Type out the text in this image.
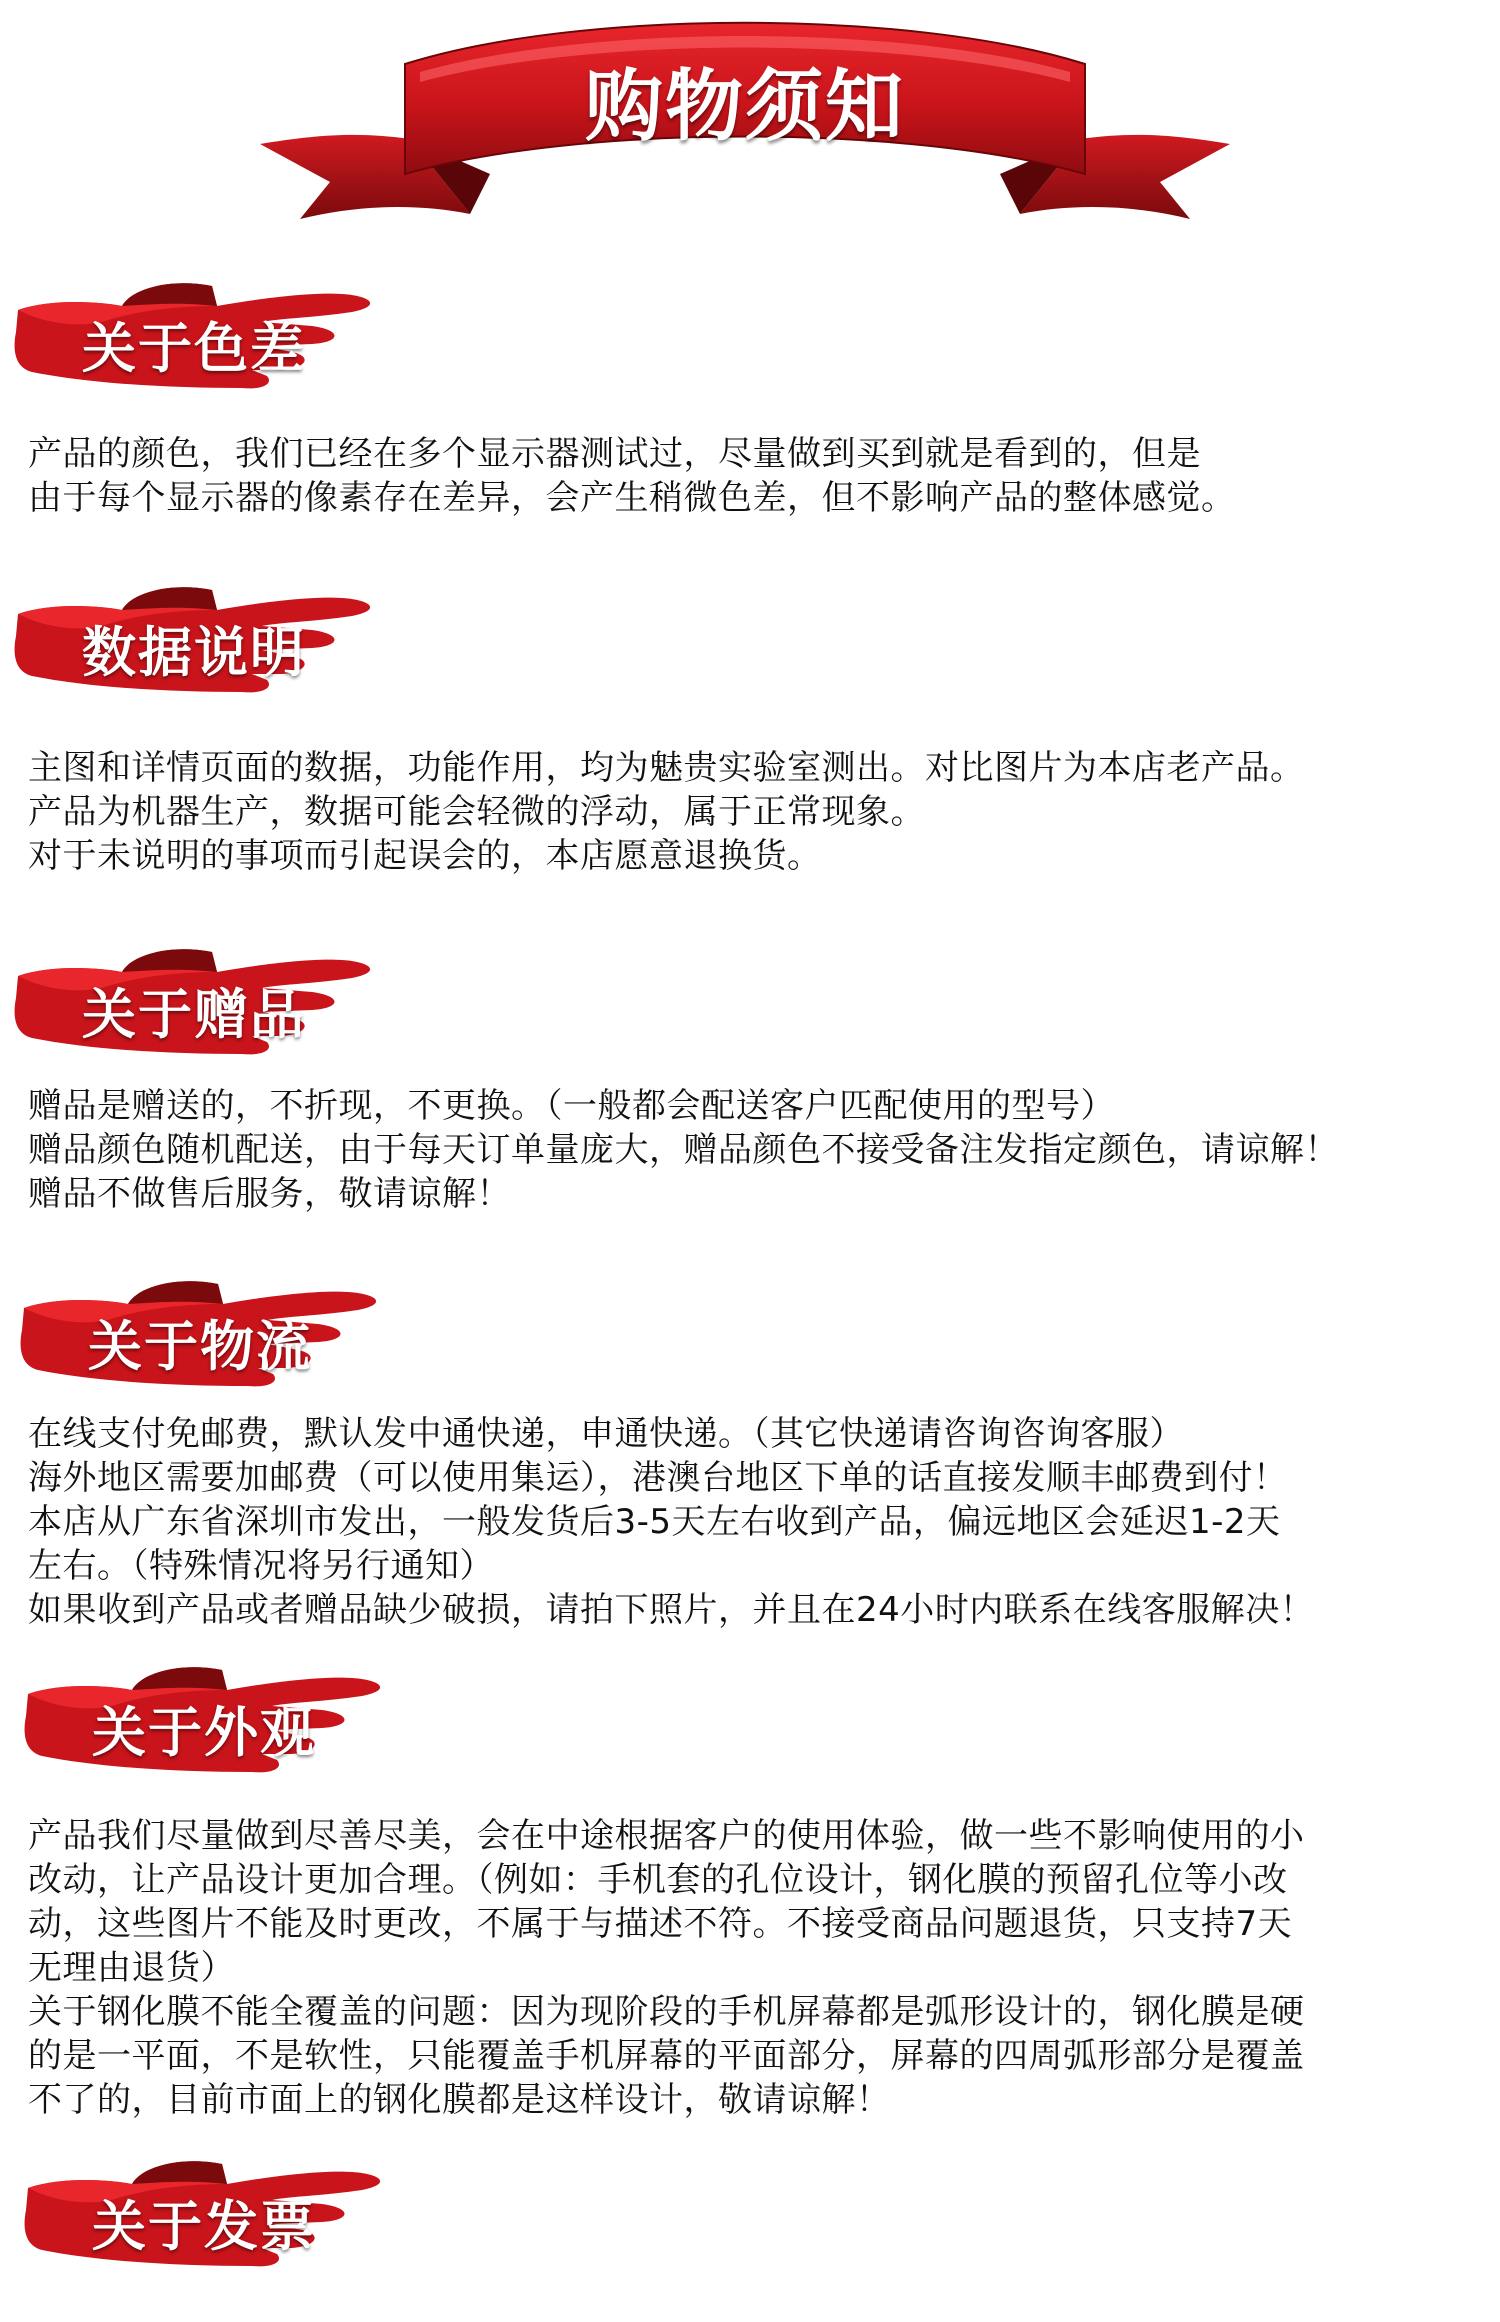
购物须知
关于色差
产品的颜色，我们已经在多个显示器测试过，尽量做到买到就是看到的，但是
由于每个显示器的像素存在差异，会产生稍微色差，但不影响产品的整体感觉。
数据说明
主图和详情页面的数据，功能作用，均为魅贵实验室测出。对比图片为本店老产品。
产品为机器生产，数据可能会轻微的浮动，属于正常现象。
对于未说明的事项而引起误会的，本店愿意退换货。
关于赠品
赠品是赠送的，不折现，不更换。（一般都会配送客户匹配使用的型号）
赠品颜色随机配送，由于每天订单量庞大，赠品颜色不接受备注发指定颜色，请谅解！
赠品不做售后服务，敬请谅解！
关于物流
在线支付免邮费，默认发中通快递，申通快递。（其它快递请咨询咨询客服）
海外地区需要加邮费（可以使用集运），港澳台地区下单的话直接发顺丰邮费到付！
本店从广东省深圳市发出，一般发货后3-5天左右收到产品，偏远地区会延迟1-2天
左右。（特殊情况将另行通知）
如果收到产品或者赠品缺少破损，请拍下照片，并且在24小时内联系在线客服解决！
关于外观
产品我们尽量做到尽善尽美，会在中途根据客户的使用体验，做一些不影响使用的小
改动，让产品设计更加合理。（例如：手机套的孔位设计，钢化膜的预留孔位等小改
动，这些图片不能及时更改，不属于与描述不符。不接受商品问题退货，只支持7天
无理由退货）
关于钢化膜不能全覆盖的问题：因为现阶段的手机屏幕都是弧形设计的，钢化膜是硬
的是一平面，不是软性，只能覆盖手机屏幕的平面部分，屏幕的四周弧形部分是覆盖
不了的，目前市面上的钢化膜都是这样设计，敬请谅解！
关于发票
